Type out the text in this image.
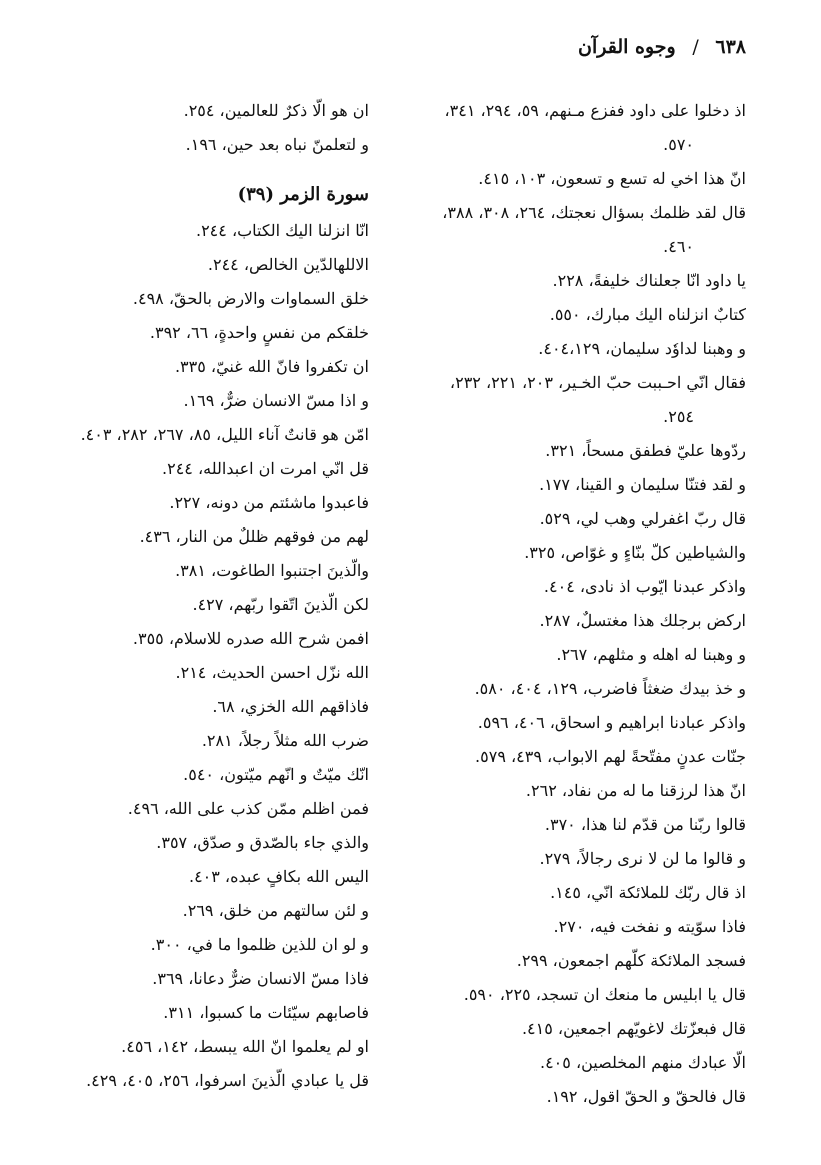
٦٣٨ / وجوه القرآن
اذ دخلوا على داود ففزع مـنهم، ٥٩، ٢٩٤، ٣٤١،
٥٧٠.
انّ هذا اخي له تسع و تسعون، ١٠٣، ٤١٥.
قال لقد ظلمك بسؤال نعجتك، ٢٦٤، ٣٠٨، ٣٨٨،
٤٦٠.
يا داود انّا جعلناك خليفةً، ٢٢٨.
كتابٌ انزلناه اليك مبارك، ٥٥٠.
و وهبنا لداوٗد سليمان، ٤٠٤،١٢٩.
فقال انّي احـببت حبّ الخـير، ٢٠٣، ٢٢١، ٢٣٢،
٢٥٤.
ردّوها عليّ فطفق مسحاً، ٣٢١.
و لقد فتنّا سليمان و القينا، ١٧٧.
قال ربّ اغفرلي وهب لي، ٥٢٩.
والشياطين كلّ بنّاءٍ و غوّاص، ٣٢٥.
واذكر عبدنا ايّوب اذ نادى، ٤٠٤.
اركض برجلك هذا مغتسلٌ، ٢٨٧.
و وهبنا له اهله و مثلهم، ٢٦٧.
و خذ بيدك ضغثاً فاضرب، ١٢٩، ٤٠٤، ٥٨٠.
واذكر عبادنا ابراهيم و اسحاق، ٤٠٦، ٥٩٦.
جنّات عدنٍ مفتّحةً لهم الابواب، ٤٣٩، ٥٧٩.
انّ هذا لرزقنا ما له من نفاد، ٢٦٢.
قالوا ربّنا من قدّم لنا هذا، ٣٧٠.
و قالوا ما لن لا نرى رجالاً، ٢٧٩.
اذ قال ربّك للملائكة انّي، ١٤٥.
فاذا سوّيته و نفخت فيه، ٢٧٠.
فسجد الملائكة كلّهم اجمعون، ٢٩٩.
قال يا ابليس ما منعك ان تسجد، ٢٢٥، ٥٩٠.
قال فبعزّتك لاغويّهم اجمعين، ٤١٥.
الّا عبادك منهم المخلصين، ٤٠٥.
قال فالحقّ و الحقّ اقول، ١٩٢.
ان هو الّا ذكرٌ للعالمين، ٢٥٤.
و لتعلمنّ نباه بعد حين، ١٩٦.
سورة الزمر (٣٩)
انّا انزلنا اليك الكتاب، ٢٤٤.
الاللهالدّين الخالص، ٢٤٤.
خلق السماوات والارض بالحقّ، ٤٩٨.
خلقكم من نفسٍ واحدةٍ، ٦٦، ٣٩٢.
ان تكفروا فانّ الله غنيّ، ٣٣٥.
و اذا مسّ الانسان ضرٌّ، ١٦٩.
امّن هو قانتٌ آناء الليل، ٨٥، ٢٦٧، ٢٨٢، ٤٠٣.
قل انّي امرت ان اعبدالله، ٢٤٤.
فاعبدوا ماشئتم من دونه، ٢٢٧.
لهم من فوقهم ظللٌ من النار، ٤٣٦.
والّذينَ اجتنبوا الطاغوت، ٣٨١.
لكن الّذينَ اتّقوا ربّهم، ٤٢٧.
افمن شرح الله صدره للاسلام، ٣٥٥.
الله نزّل احسن الحديث، ٢١٤.
فاذاقهم الله الخزي، ٦٨.
ضرب الله مثلاً رجلاً، ٢٨١.
انّك ميّتٌ و انّهم ميّتون، ٥٤٠.
فمن اظلم ممّن كذب على الله، ٤٩٦.
والذي جاء بالصّدق و صدّق، ٣٥٧.
اليس الله بكافٍ عبده، ٤٠٣.
و لئن سالتهم من خلق، ٢٦٩.
و لو ان للذين ظلموا ما في، ٣٠٠.
فاذا مسّ الانسان ضرٌّ دعانا، ٣٦٩.
فاصابهم سيّئات ما كسبوا، ٣١١.
او لم يعلموا انّ الله يبسط، ١٤٢، ٤٥٦.
قل يا عبادي الّذينَ اسرفوا، ٢٥٦، ٤٠٥، ٤٢٩.
